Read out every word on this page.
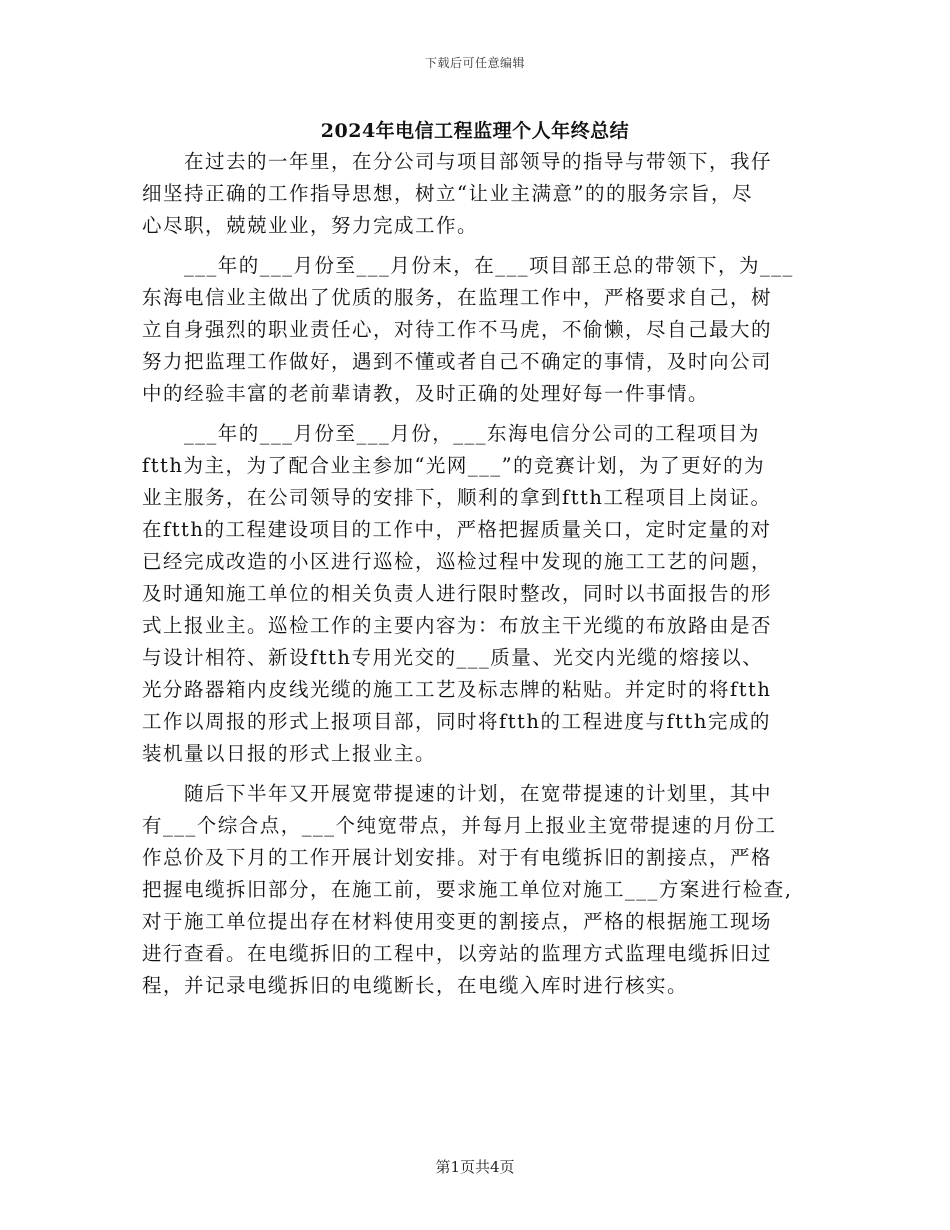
下载后可任意编辑
2024年电信工程监理个人年终总结
在过去的一年里，在分公司与项目部领导的指导与带领下，我仔
细坚持正确的工作指导思想，树立“让业主满意”的的服务宗旨，尽
心尽职，兢兢业业，努力完成工作。
___年的___月份至___月份末，在___项目部王总的带领下，为___
东海电信业主做出了优质的服务，在监理工作中，严格要求自己，树
立自身强烈的职业责任心，对待工作不马虎，不偷懒，尽自己最大的
努力把监理工作做好，遇到不懂或者自己不确定的事情，及时向公司
中的经验丰富的老前辈请教，及时正确的处理好每一件事情。
___年的___月份至___月份，___东海电信分公司的工程项目为
ftth为主，为了配合业主参加“光网___”的竞赛计划，为了更好的为
业主服务，在公司领导的安排下，顺利的拿到ftth工程项目上岗证。
在ftth的工程建设项目的工作中，严格把握质量关口，定时定量的对
已经完成改造的小区进行巡检，巡检过程中发现的施工工艺的问题，
及时通知施工单位的相关负责人进行限时整改，同时以书面报告的形
式上报业主。巡检工作的主要内容为：布放主干光缆的布放路由是否
与设计相符、新设ftth专用光交的___质量、光交内光缆的熔接以、
光分路器箱内皮线光缆的施工工艺及标志牌的粘贴。并定时的将ftth
工作以周报的形式上报项目部，同时将ftth的工程进度与ftth完成的
装机量以日报的形式上报业主。
随后下半年又开展宽带提速的计划，在宽带提速的计划里，其中
有___个综合点，___个纯宽带点，并每月上报业主宽带提速的月份工
作总价及下月的工作开展计划安排。对于有电缆拆旧的割接点，严格
把握电缆拆旧部分，在施工前，要求施工单位对施工___方案进行检查,
对于施工单位提出存在材料使用变更的割接点，严格的根据施工现场
进行查看。在电缆拆旧的工程中，以旁站的监理方式监理电缆拆旧过
程，并记录电缆拆旧的电缆断长，在电缆入库时进行核实。
第1页共4页
